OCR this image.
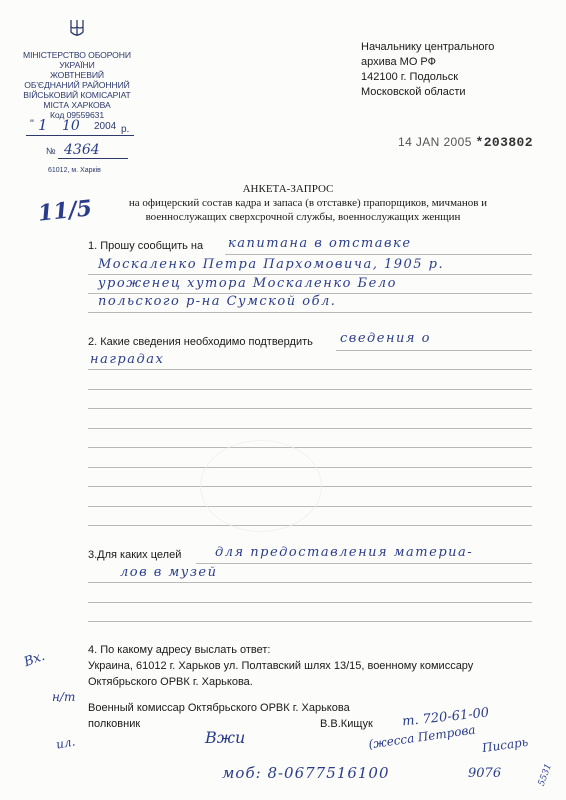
МІНІСТЕРСТВО ОБОРОНИ
УКРАЇНИ
ЖОВТНЕВИЙ
ОБ'ЄДНАНИЙ РАЙОННИЙ
ВІЙСЬКОВИЙ КОМІСАРІАТ
МІСТА ХАРКОВА
Код 09559631
" 1 10 2004 р.
№ 4364
61012, м. Харків
Начальнику центрального
архива МО РФ
142100 г. Подольск
Московской области
14 JAN 2005 *203802
11/5
АНКЕТА-ЗАПРОС
на офицерский состав кадра и запаса (в отставке) прапорщиков, мичманов и
военнослужащих сверхсрочной службы, военнослужащих женщин
1. Прошу сообщить на капитана в отставке
Москаленко Петра Пархомовича, 1905 р.
уроженец хутора Москаленко Бело
польского р-на Сумской обл.
2. Какие сведения необходимо подтвердить сведения о
наградах
3.Для каких целей	для предоставления материа-
лов в музей
4. По какому адресу выслать ответ:
Украина, 61012 г. Харьков ул. Полтавский шлях 13/15, военному комиссару
Октябрьского ОРВК г. Харькова.
Военный комиссар Октябрьского ОРВК г. Харькова
полковник	В.В.Кищук
Вжи
т. 720-61-00
(жесса Петрова Писарь
моб: 8-0677516100	9076	5531
Вх.
н/т
ил.
